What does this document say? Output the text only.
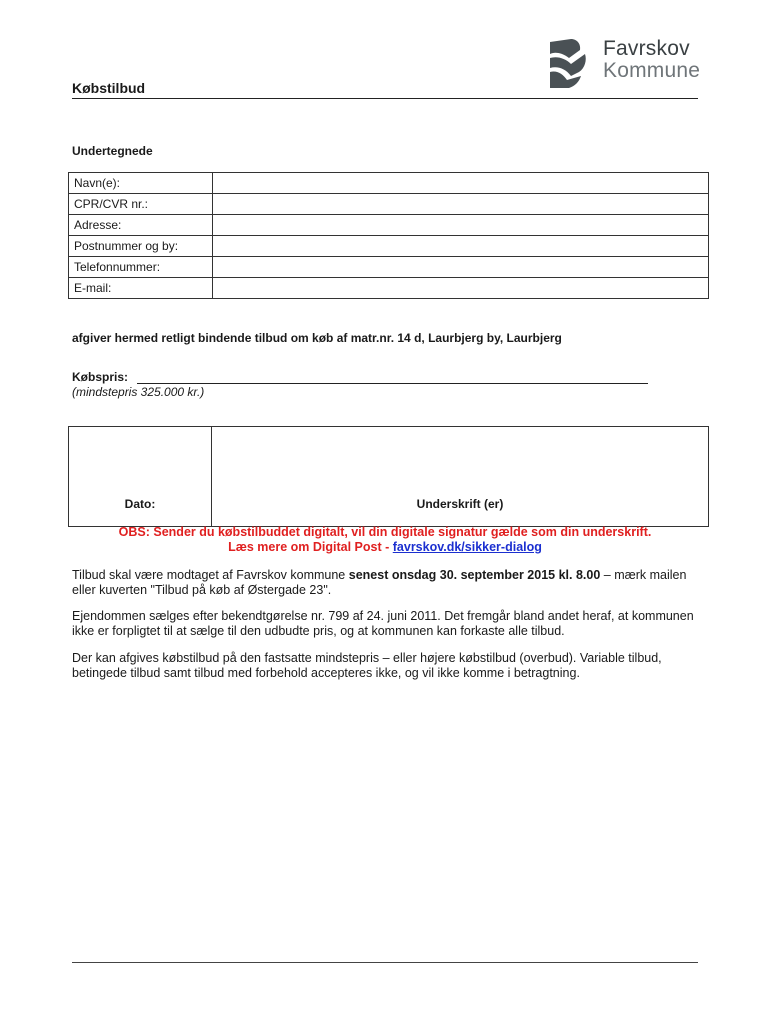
Favrskov
Kommune
Købstilbud
Undertegnede
Navn(e):	
CPR/CVR nr.:	
Adresse:	
Postnummer og by:	
Telefonnummer:	
E-mail:	
afgiver hermed retligt bindende tilbud om køb af matr.nr. 14 d, Laurbjerg by, Laurbjerg
Købspris:
(mindstepris 325.000 kr.)
Dato:	Underskrift (er)
OBS: Sender du købstilbuddet digitalt, vil din digitale signatur gælde som din underskrift.
Læs mere om Digital Post - favrskov.dk/sikker-dialog
Tilbud skal være modtaget af Favrskov kommune senest onsdag 30. september 2015 kl. 8.00 – mærk mailen eller kuverten "Tilbud på køb af Østergade 23".
Ejendommen sælges efter bekendtgørelse nr. 799 af 24. juni 2011. Det fremgår bland andet heraf, at kommunen ikke er forpligtet til at sælge til den udbudte pris, og at kommunen kan forkaste alle tilbud.
Der kan afgives købstilbud på den fastsatte mindstepris – eller højere købstilbud (overbud). Variable tilbud, betingede tilbud samt tilbud med forbehold accepteres ikke, og vil ikke komme i betragtning.
